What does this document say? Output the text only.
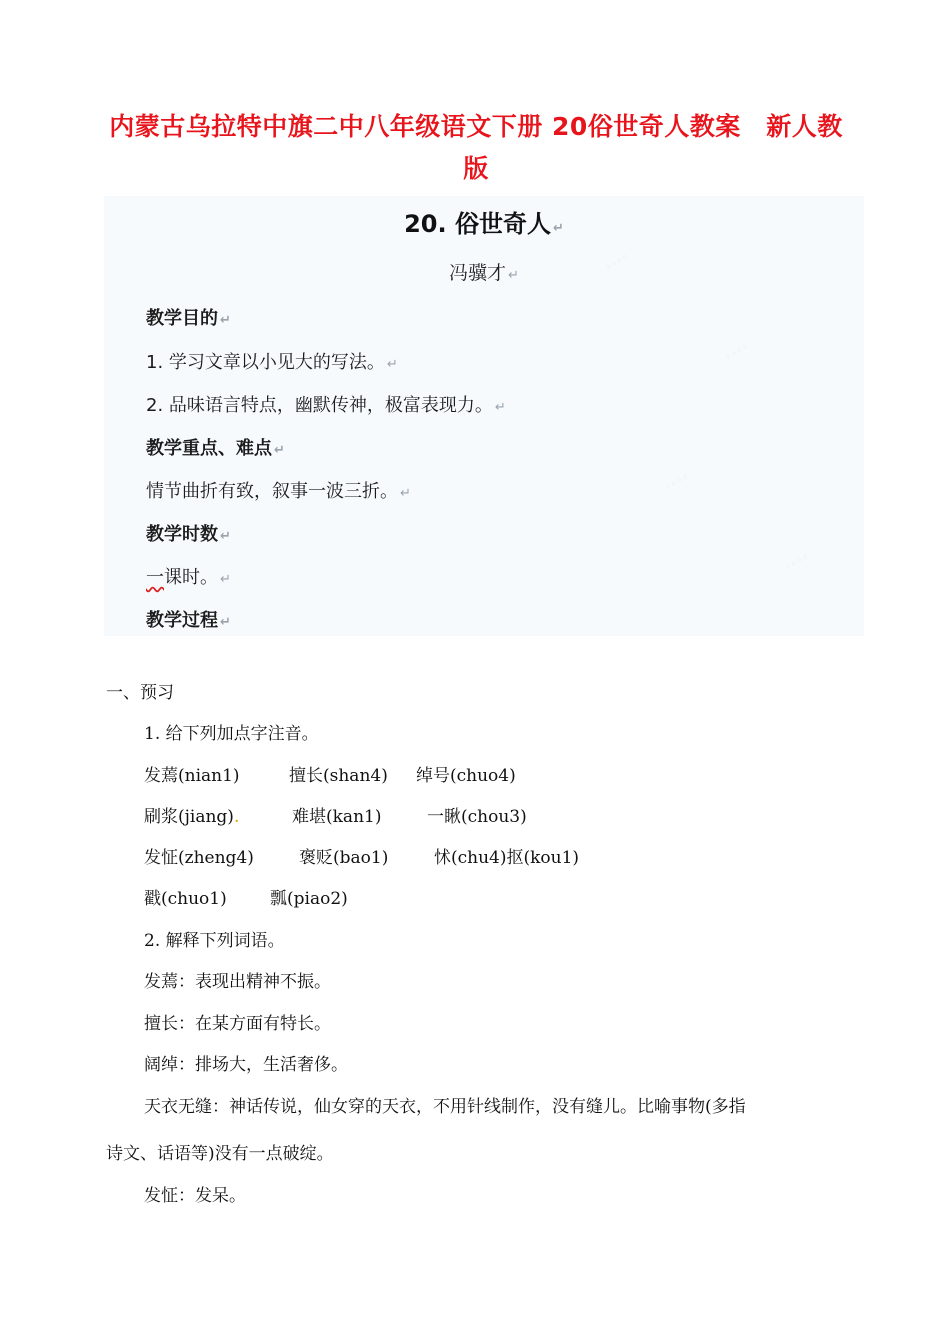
内蒙古乌拉特中旗二中八年级语文下册 20俗世奇人教案　新人教
版
◦◦◦◦
◦◦◦◦
◦◦◦◦
◦◦◦◦
20. 俗世奇人 ↵
冯骥才 ↵
教学目的 ↵
1. 学习文章以小见大的写法。 ↵
2. 品味语言特点，幽默传神，极富表现力。 ↵
教学重点、难点 ↵
情节曲折有致，叙事一波三折。 ↵
教学时数 ↵
一课时。 ↵
教学过程 ↵
一、预习
1. 给下列加点字注音。
发蔫(nian1)	擅长(shan4) 绰号(chuo4)
刷浆(jiang).	难堪(kan1)	一瞅(chou3)
发怔(zheng4)	褒贬(bao1)	怵(chu4)抠(kou1)
戳(chuo1)	瓢(piao2)
2. 解释下列词语。
发蔫：表现出精神不振。
擅长：在某方面有特长。
阔绰：排场大，生活奢侈。
天衣无缝：神话传说，仙女穿的天衣，不用针线制作，没有缝儿。比喻事物(多指
诗文、话语等)没有一点破绽。
发怔：发呆。
